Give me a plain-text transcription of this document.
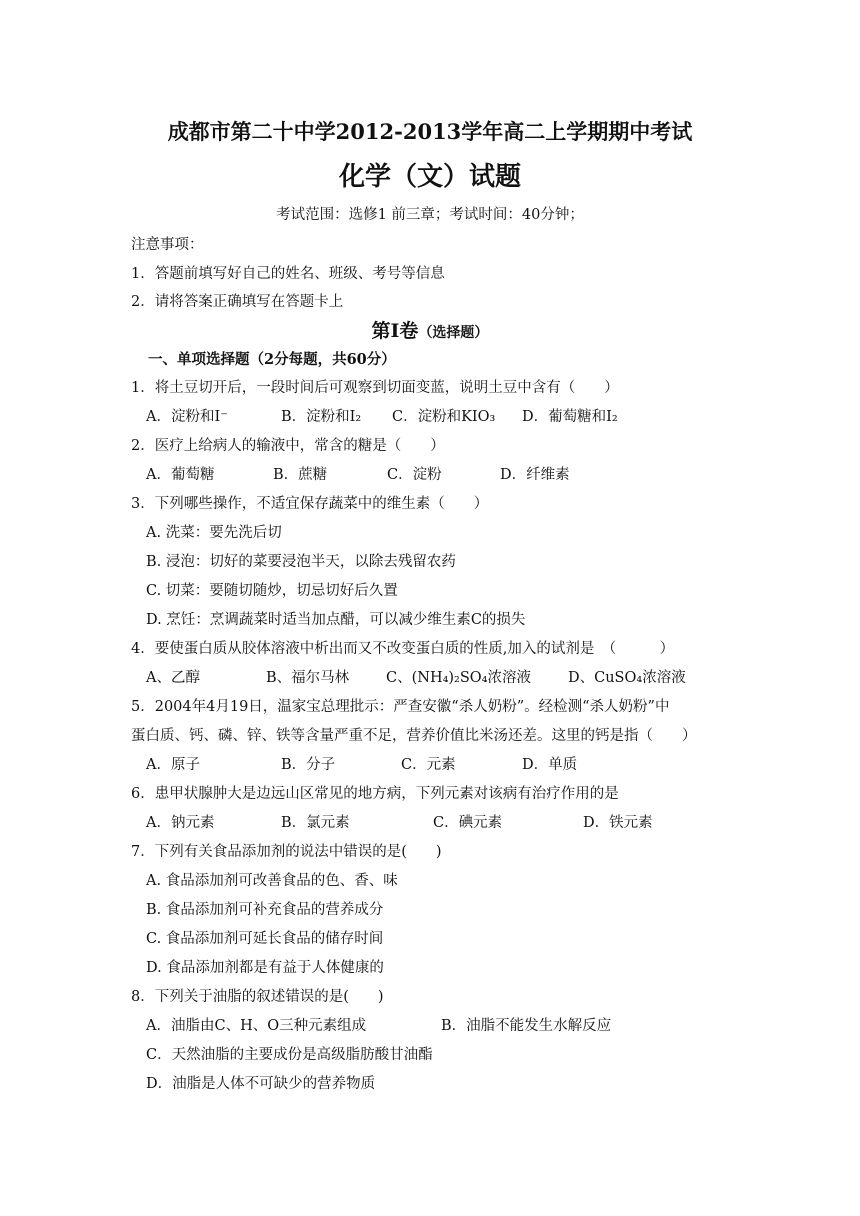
成都市第二十中学2012-2013学年高二上学期期中考试
化学（文）试题
考试范围：选修1 前三章；考试时间：40分钟；
注意事项：
1．答题前填写好自己的姓名、班级、考号等信息
2．请将答案正确填写在答题卡上
第Ⅰ卷（选择题）
一、单项选择题（2分每题，共60分）
1．将土豆切开后，一段时间后可观察到切面变蓝，说明土豆中含有（　　）
A．淀粉和I⁻	B．淀粉和I₂ C．淀粉和KIO₃ D．葡萄糖和I₂
2．医疗上给病人的输液中，常含的糖是（　　）
A．葡萄糖	B．蔗糖	C．淀粉	D．纤维素
3．下列哪些操作，不适宜保存蔬菜中的维生素（　　）
A. 洗菜：要先洗后切
B. 浸泡：切好的菜要浸泡半天，以除去残留农药
C. 切菜：要随切随炒，切忌切好后久置
D. 烹饪：烹调蔬菜时适当加点醋，可以减少维生素C的损失
4．要使蛋白质从胶体溶液中析出而又不改变蛋白质的性质,加入的试剂是　（　　　）
A、乙醇	B、福尔马林	C、(NH₄)₂SO₄浓溶液	D、CuSO₄浓溶液
5．2004年4月19日，温家宝总理批示：严查安徽“杀人奶粉”。经检测“杀人奶粉”中
蛋白质、钙、磷、锌、铁等含量严重不足，营养价值比米汤还差。这里的钙是指（　　）
A．原子	B．分子	C．元素	D．单质
6．患甲状腺肿大是边远山区常见的地方病，下列元素对该病有治疗作用的是
A．钠元素	B．氯元素	C．碘元素	D．铁元素
7．下列有关食品添加剂的说法中错误的是(　　)
A. 食品添加剂可改善食品的色、香、味
B. 食品添加剂可补充食品的营养成分
C. 食品添加剂可延长食品的储存时间
D. 食品添加剂都是有益于人体健康的
8．下列关于油脂的叙述错误的是(　　)
A．油脂由C、H、O三种元素组成	B．油脂不能发生水解反应
C．天然油脂的主要成份是高级脂肪酸甘油酯
D．油脂是人体不可缺少的营养物质
